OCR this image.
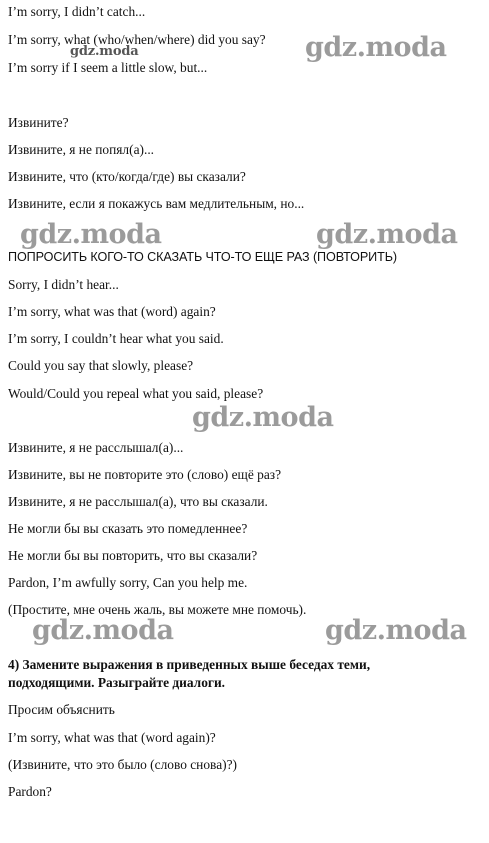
I’m sorry, I didn’t catch...
I’m sorry, what (who/when/where) did you say?
I’m sorry if I seem a little slow, but...
Извините?
Извините, я не попял(а)...
Извините, что (кто/когда/где) вы сказали?
Извините, если я покажусь вам медлительным, но...
ПОПРОСИТЬ КОГО-ТО СКАЗАТЬ ЧТО-ТО ЕЩЕ РАЗ (ПОВТОРИТЬ)
Sorry, I didn’t hear...
I’m sorry, what was that (word) again?
I’m sorry, I couldn’t hear what you said.
Could you say that slowly, please?
Would/Could you repeal what you said, please?
Извините, я не расслышал(а)...
Извините, вы не повторите это (слово) ещё раз?
Извините, я не расслышал(а), что вы сказали.
Не могли бы вы сказать это помедленнее?
Не могли бы вы повторить, что вы сказали?
Pardon, I’m awfully sorry, Can you help me.
(Простите, мне очень жаль, вы можете мне помочь).
4) Замените выражения в приведенных выше беседах теми,
подходящими. Разыграйте диалоги.
Просим объяснить
I’m sorry, what was that (word again)?
(Извините, что это было (слово снова)?)
Pardon?
gdz.moda	gdz.moda
gdz.moda	gdz.moda
gdz.moda
gdz.moda	gdz.moda
